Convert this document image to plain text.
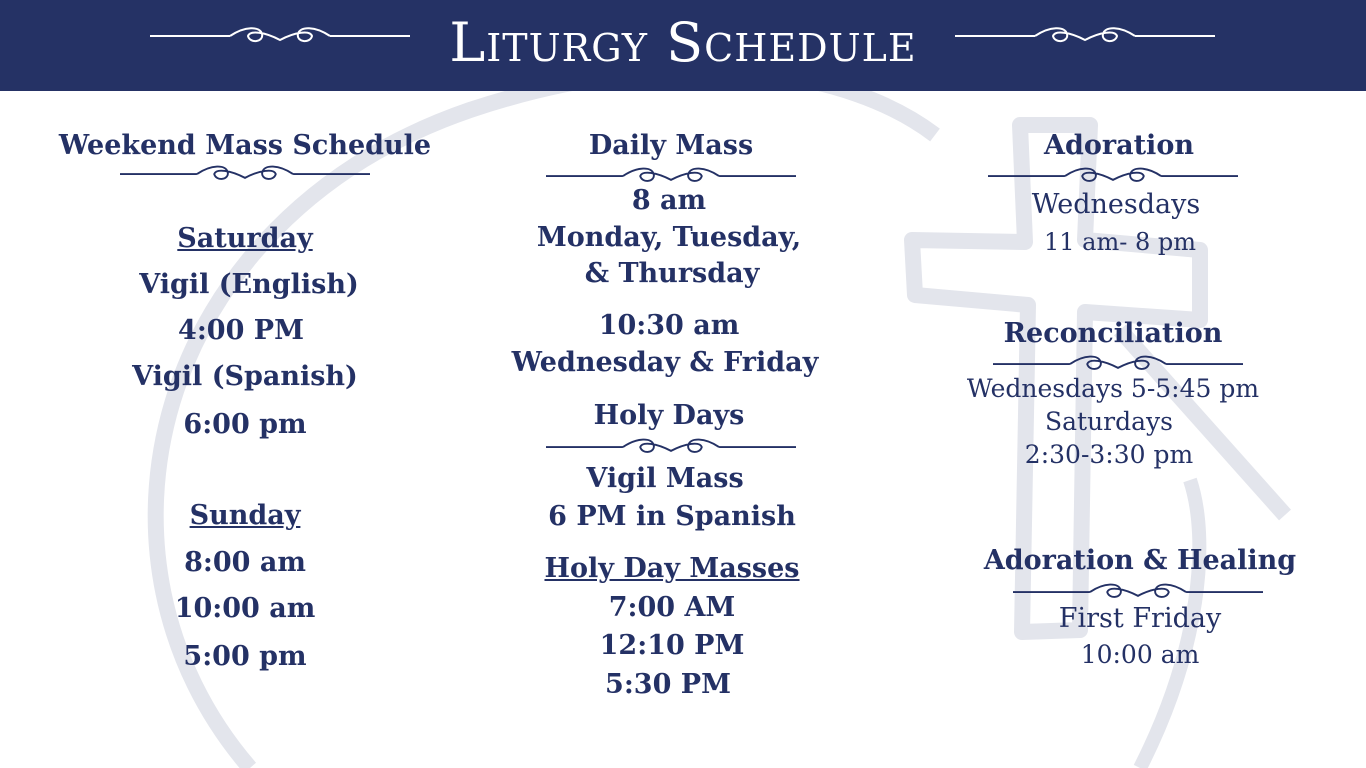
Liturgy Schedule
Weekend Mass Schedule
Saturday
Vigil (English)
4:00 PM
Vigil (Spanish)
6:00 pm
Sunday
8:00 am
10:00 am
5:00 pm
Daily Mass
8 am
Monday, Tuesday,
& Thursday
10:30 am
Wednesday & Friday
Holy Days
Vigil Mass
6 PM in Spanish
Holy Day Masses
7:00 AM
12:10 PM
5:30 PM
Adoration
Wednesdays
11 am- 8 pm
Reconciliation
Wednesdays 5-5:45 pm
Saturdays
2:30-3:30 pm
Adoration & Healing
First Friday
10:00 am
